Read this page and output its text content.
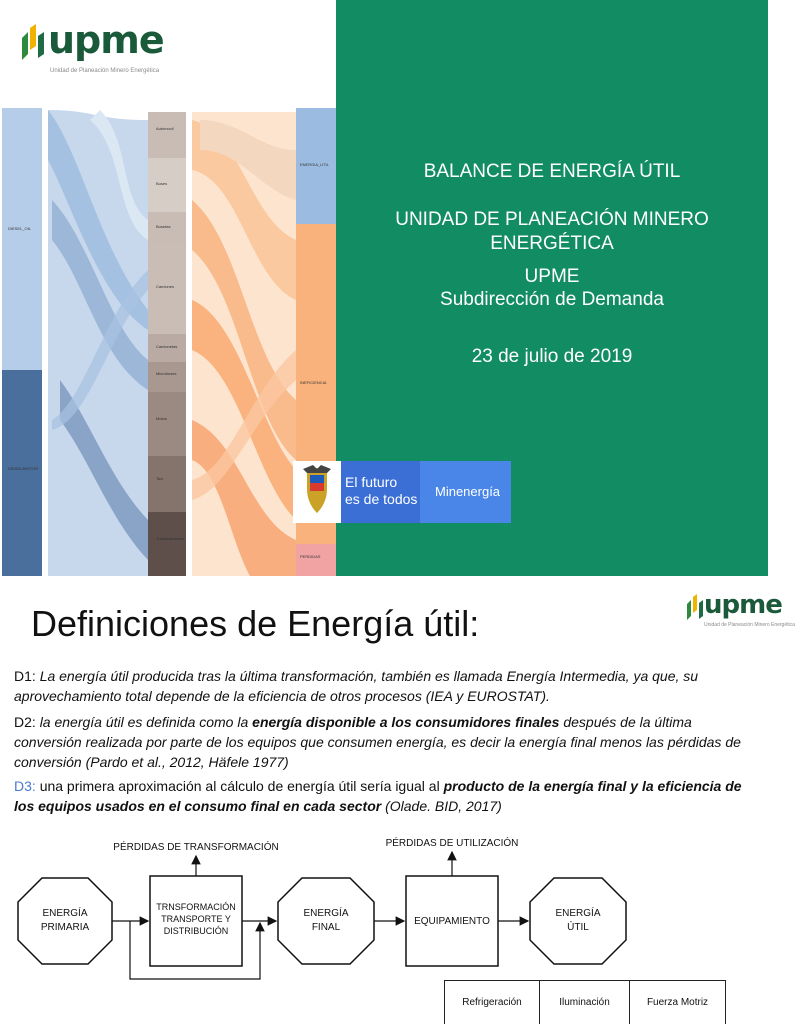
upme
Unidad de Planeación Minero Energética
DIESEL_OIL
DIESEL/MOTOR
Automovil
Buses
Busetas
Camiones
Camionetas
Microbuses
Motos
Taxi
Tractocamiones
ENERGIA_UTIL
INEFICIENCIA
PERDIDAS
BALANCE DE ENERGÍA ÚTIL
UNIDAD DE PLANEACIÓN MINERO
ENERGÉTICA
UPME
Subdirección de Demanda
23 de julio de 2019
El futuro
es de todos Minenergía
Definiciones de Energía útil:	upme
Unidad de Planeación Minero Energética
D1: La energía útil producida tras la última transformación, también es llamada Energía Intermedia, ya que, su aprovechamiento total depende de la eficiencia de otros procesos (IEA y EUROSTAT).
D2: la energía útil es definida como la energía disponible a los consumidores finales después de la última conversión realizada por parte de los equipos que consumen energía, es decir la energía final menos las pérdidas de conversión (Pardo et al., 2012, Häfele 1977)
D3: una primera aproximación al cálculo de energía útil sería igual al producto de la energía final y la eficiencia de los equipos usados en el consumo final en cada sector (Olade. BID, 2017)
PÉRDIDAS DE TRANSFORMACIÓN	PÉRDIDAS DE UTILIZACIÓN
ENERGÍA
PRIMARIA
TRNSFORMACIÓN
TRANSPORTE Y
DISTRIBUCIÓN
ENERGÍA
FINAL
EQUIPAMIENTO
ENERGÍA
ÚTIL
Refrigeración	Iluminación	Fuerza Motriz
